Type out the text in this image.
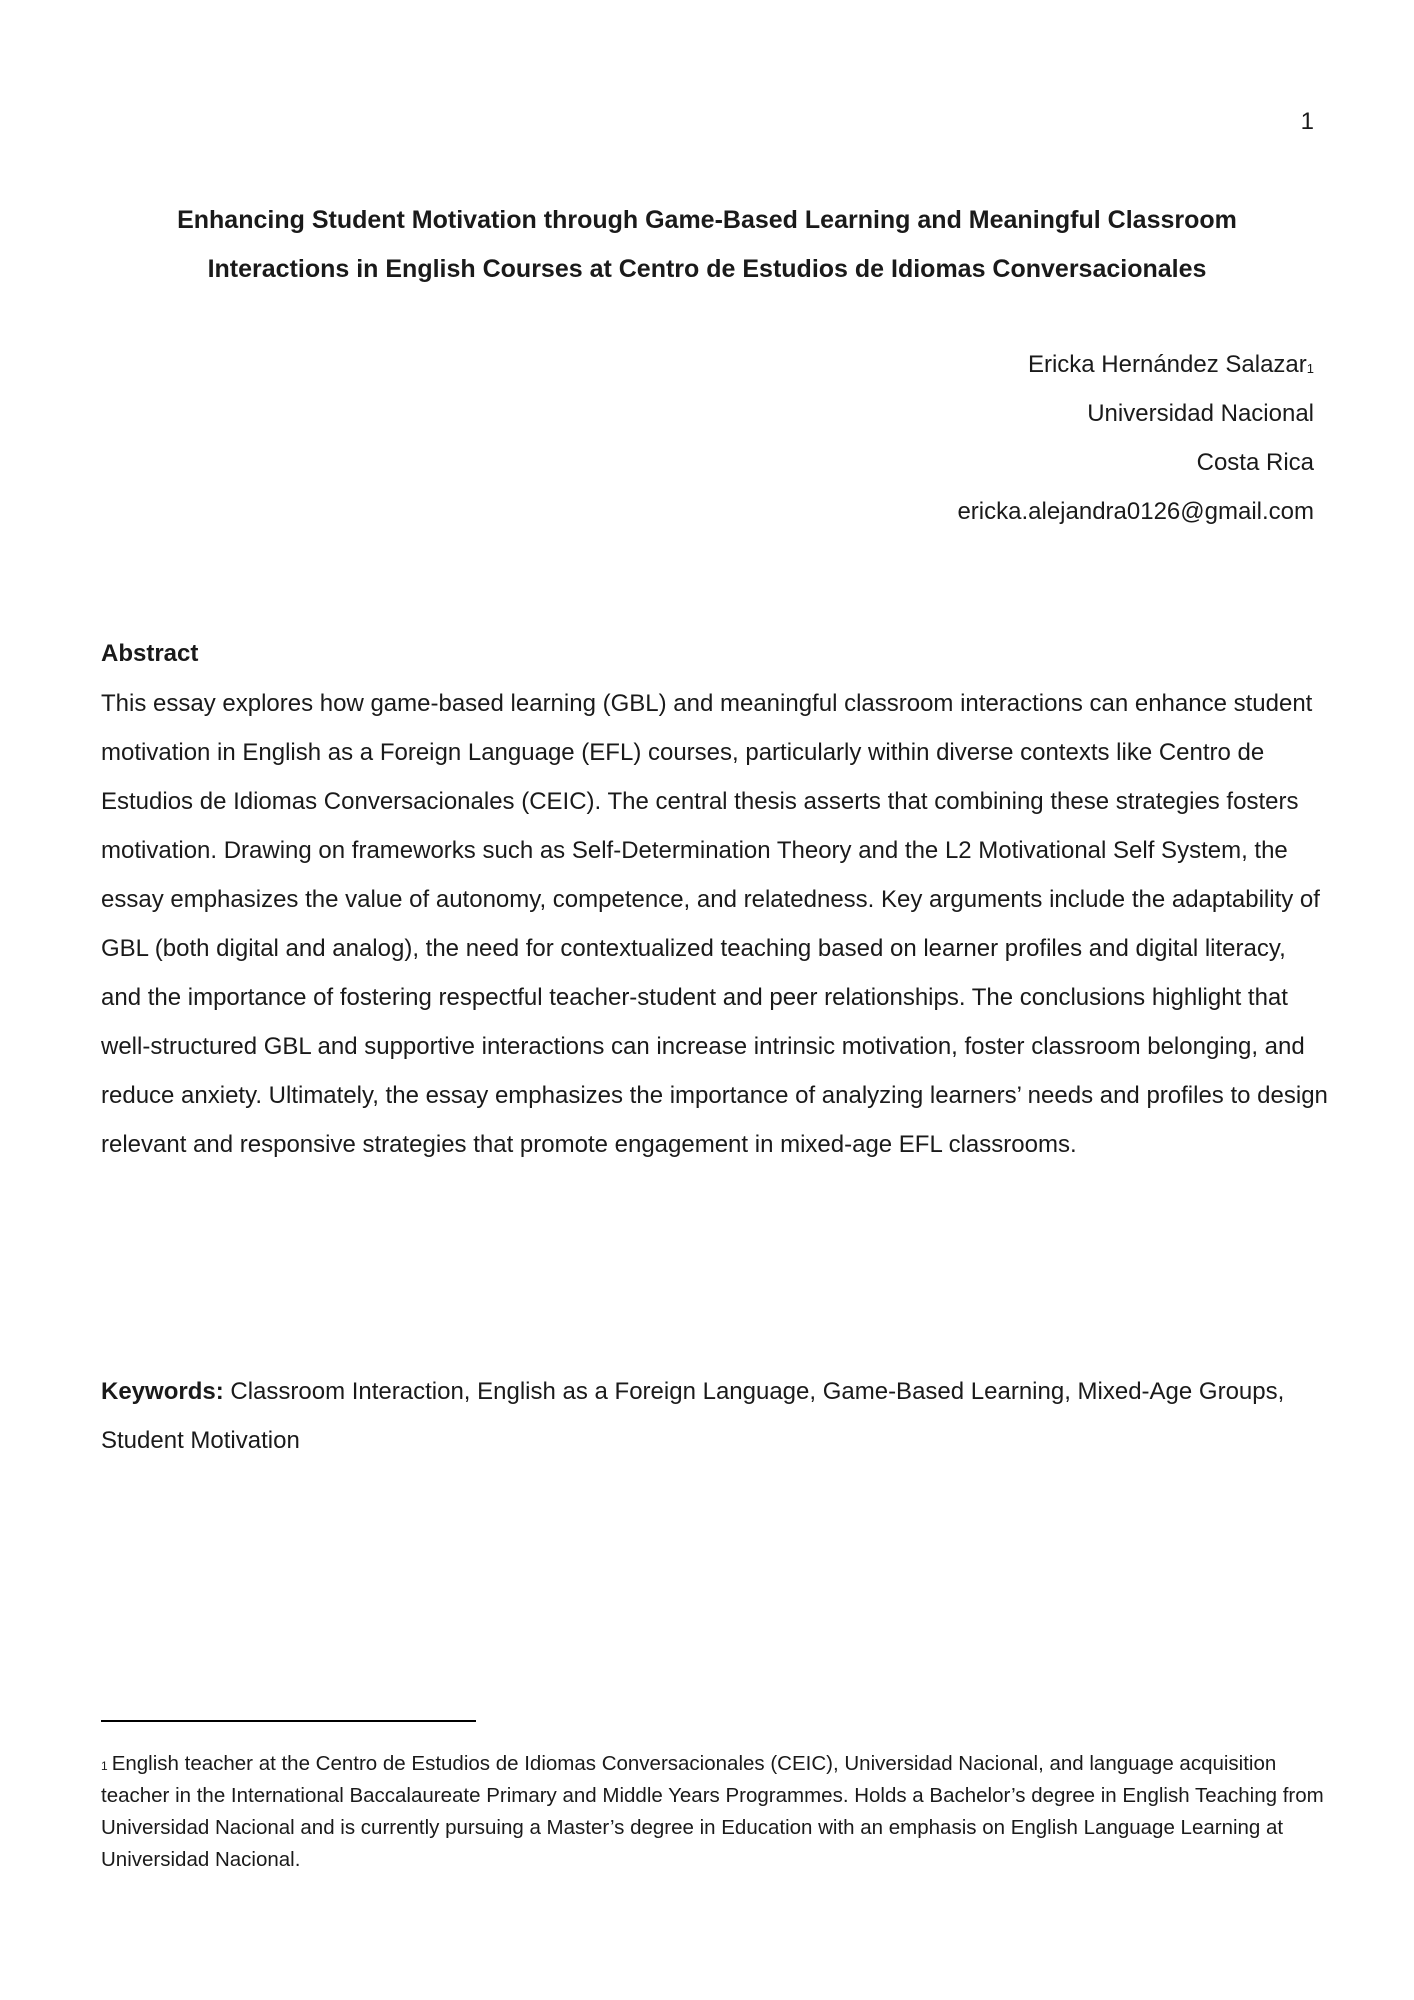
1
Enhancing Student Motivation through Game-Based Learning and Meaningful Classroom
Interactions in English Courses at Centro de Estudios de Idiomas Conversacionales
Ericka Hernández Salazar$^1$
Universidad Nacional
Costa Rica
ericka.alejandra0126@gmail.com
Abstract

This essay explores how game-based learning (GBL) and meaningful classroom interactions can enhance student motivation in English as a Foreign Language (EFL) courses, particularly within diverse contexts like Centro de Estudios de Idiomas Conversacionales (CEIC). The central thesis asserts that combining these strategies fosters motivation. Drawing on frameworks such as Self-Determination Theory and the L2 Motivational Self System, the essay emphasizes the value of autonomy, competence, and relatedness. Key arguments include the adaptability of GBL (both digital and analog), the need for contextualized teaching based on learner profiles and digital literacy, and the importance of fostering respectful teacher-student and peer relationships. The conclusions highlight that well-structured GBL and supportive interactions can increase intrinsic motivation, foster classroom belonging, and reduce anxiety. Ultimately, the essay emphasizes the importance of analyzing learners’ needs and profiles to design relevant and responsive strategies that promote engagement in mixed-age EFL classrooms.

Keywords: Classroom Interaction, English as a Foreign Language, Game-Based Learning, Mixed-Age Groups, Student Motivation

$^1$ English teacher at the Centro de Estudios de Idiomas Conversacionales (CEIC), Universidad Nacional, and language acquisition teacher in the International Baccalaureate Primary and Middle Years Programmes. Holds a Bachelor’s degree in English Teaching from Universidad Nacional and is currently pursuing a Master’s degree in Education with an emphasis on English Language Learning at Universidad Nacional.
